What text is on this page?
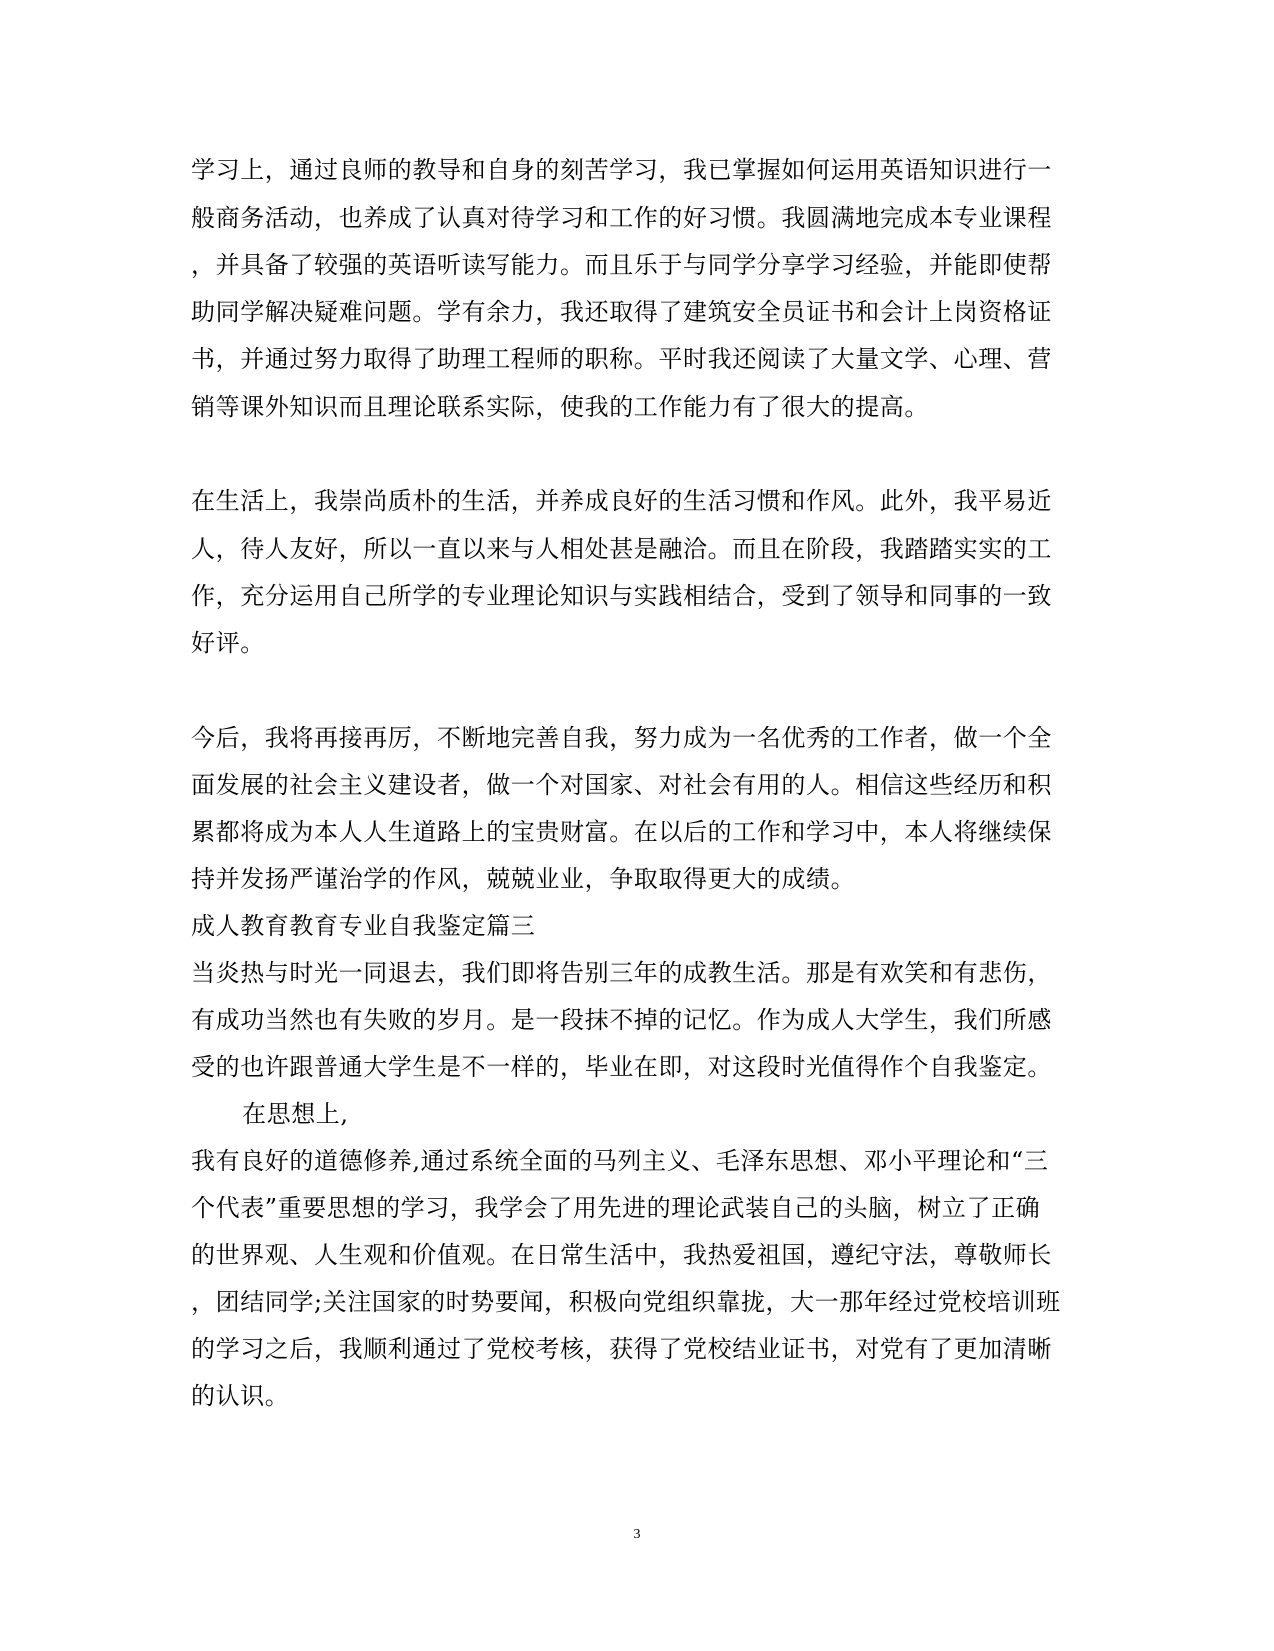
学习上，通过良师的教导和自身的刻苦学习，我已掌握如何运用英语知识进行一
般商务活动，也养成了认真对待学习和工作的好习惯。我圆满地完成本专业课程
，并具备了较强的英语听读写能力。而且乐于与同学分享学习经验，并能即使帮
助同学解决疑难问题。学有余力，我还取得了建筑安全员证书和会计上岗资格证
书，并通过努力取得了助理工程师的职称。平时我还阅读了大量文学、心理、营
销等课外知识而且理论联系实际，使我的工作能力有了很大的提高。
在生活上，我崇尚质朴的生活，并养成良好的生活习惯和作风。此外，我平易近
人，待人友好，所以一直以来与人相处甚是融洽。而且在阶段，我踏踏实实的工
作，充分运用自己所学的专业理论知识与实践相结合，受到了领导和同事的一致
好评。
今后，我将再接再厉，不断地完善自我，努力成为一名优秀的工作者，做一个全
面发展的社会主义建设者，做一个对国家、对社会有用的人。相信这些经历和积
累都将成为本人人生道路上的宝贵财富。在以后的工作和学习中，本人将继续保
持并发扬严谨治学的作风，兢兢业业，争取取得更大的成绩。
成人教育教育专业自我鉴定篇三
当炎热与时光一同退去，我们即将告别三年的成教生活。那是有欢笑和有悲伤，
有成功当然也有失败的岁月。是一段抹不掉的记忆。作为成人大学生，我们所感
受的也许跟普通大学生是不一样的，毕业在即，对这段时光值得作个自我鉴定。
在思想上,
我有良好的道德修养,通过系统全面的马列主义、毛泽东思想、邓小平理论和“三
个代表”重要思想的学习，我学会了用先进的理论武装自己的头脑，树立了正确
的世界观、人生观和价值观。在日常生活中，我热爱祖国，遵纪守法，尊敬师长
，团结同学;关注国家的时势要闻，积极向党组织靠拢，大一那年经过党校培训班
的学习之后，我顺利通过了党校考核，获得了党校结业证书，对党有了更加清晰
的认识。
3
